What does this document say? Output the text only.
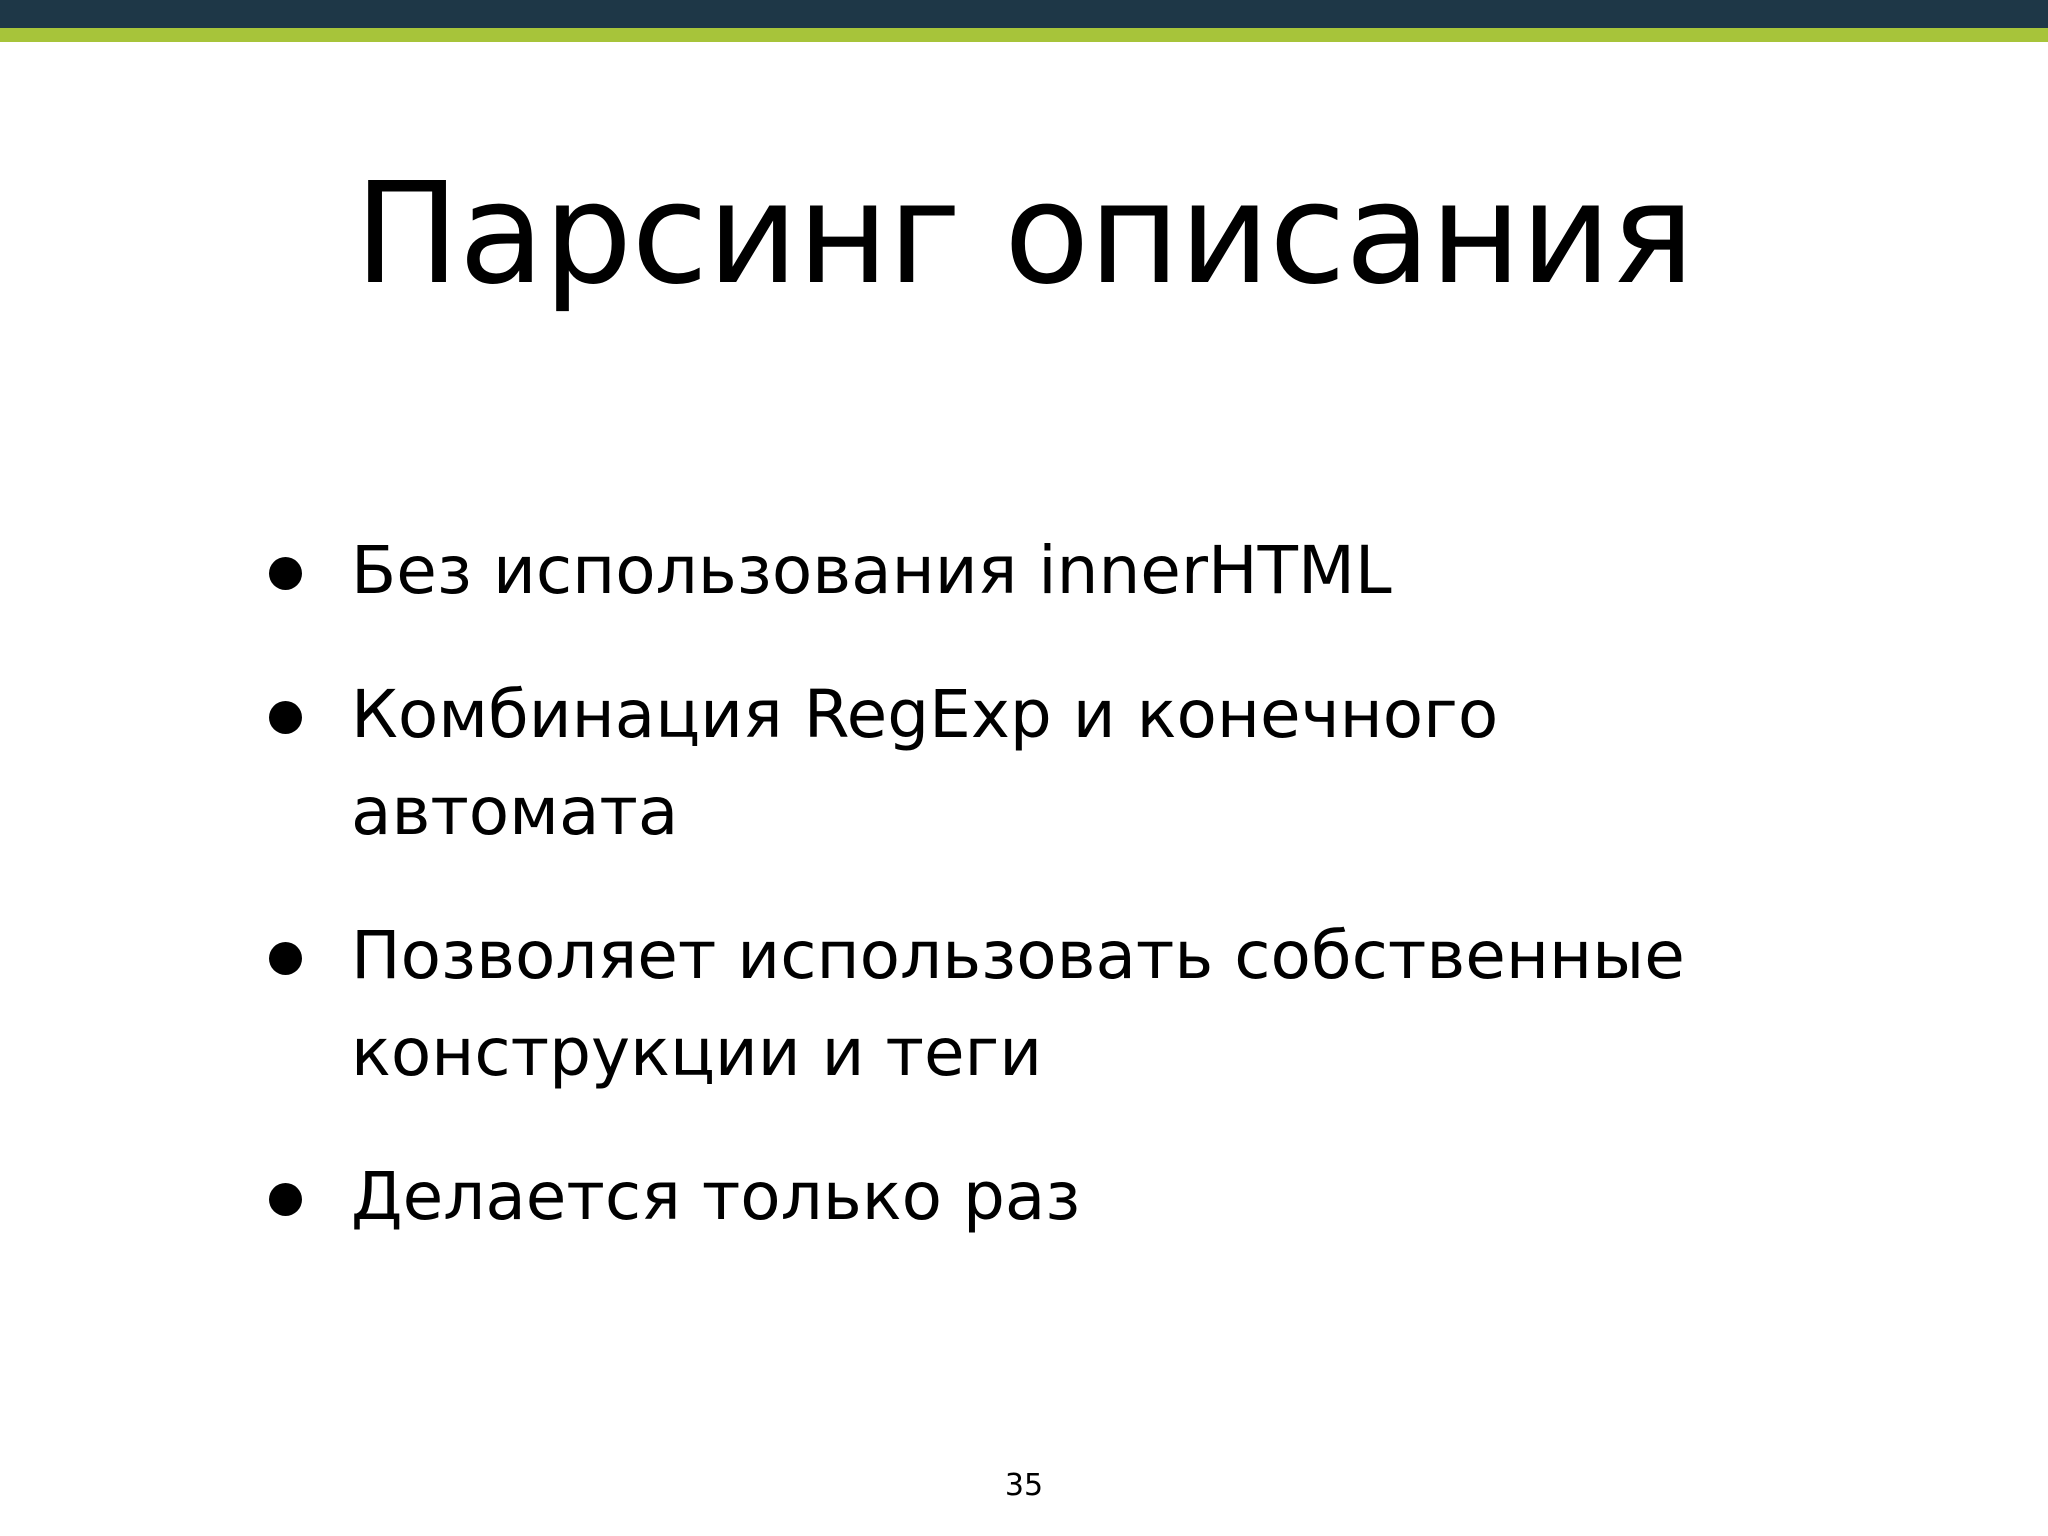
Парсинг описания
Без использования innerHTML
Комбинация RegExp и конечного автомата
Позволяет использовать собственные конструкции и теги
Делается только раз
35
